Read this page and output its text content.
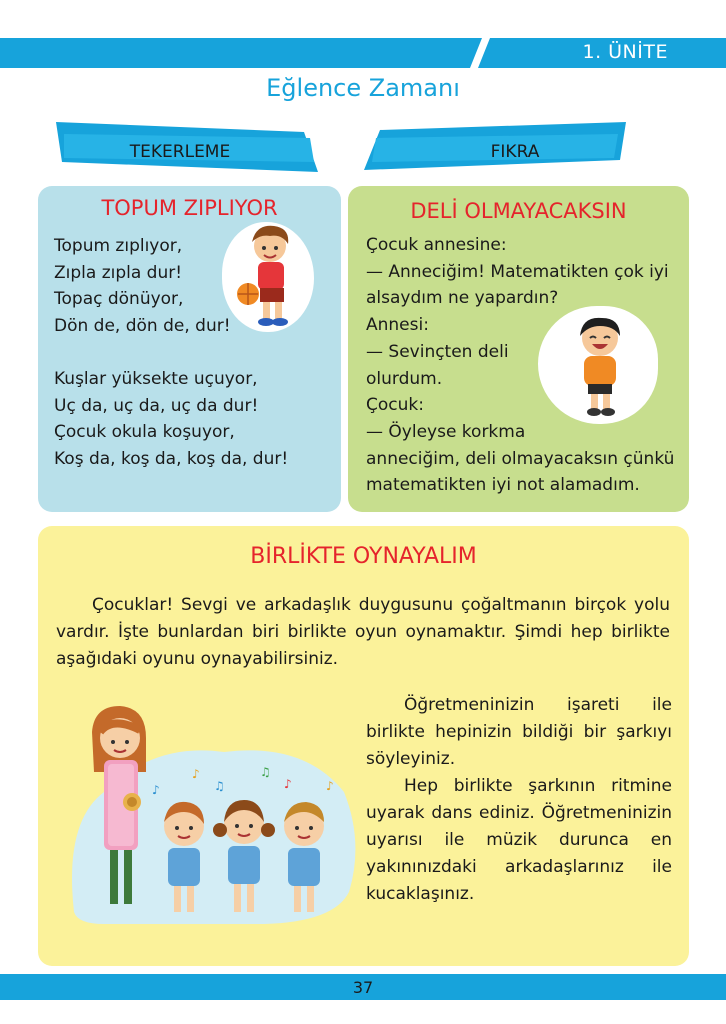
1. ÜNİTE
Eğlence Zamanı
TEKERLEME	FIKRA
TOPUM ZIPLIYOR
Topum zıplıyor,
Zıpla zıpla dur!
Topaç dönüyor,
Dön de, dön de, dur!
Kuşlar yüksekte uçuyor,
Uç da, uç da, uç da dur!
Çocuk okula koşuyor,
Koş da, koş da, koş da, dur!
DELİ OLMAYACAKSIN
Çocuk annesine:
— Anneciğim! Matematikten çok iyi
alsaydım ne yapardın?
Annesi:
— Sevinçten deli
olurdum.
Çocuk:
— Öyleyse korkma
anneciğim, deli olmayacaksın çünkü
matematikten iyi not alamadım.
BİRLİKTE OYNAYALIM
Çocuklar! Sevgi ve arkadaşlık duygusunu çoğaltmanın birçok yolu vardır. İşte bunlardan biri birlikte oyun oynamaktır. Şimdi hep birlikte aşağıdaki oyunu oynayabilirsiniz.
♪
♪
♫
♫
♪	♪

Öğretmeninizin işareti ile birlikte hepinizin bildiği bir şarkıyı söyleyiniz.

Hep birlikte şarkının ritmine uyarak dans ediniz. Öğretmeninizin uyarısı ile müzik durunca en yakınınızdaki arkadaşlarınız ile kucaklaşınız.

37
